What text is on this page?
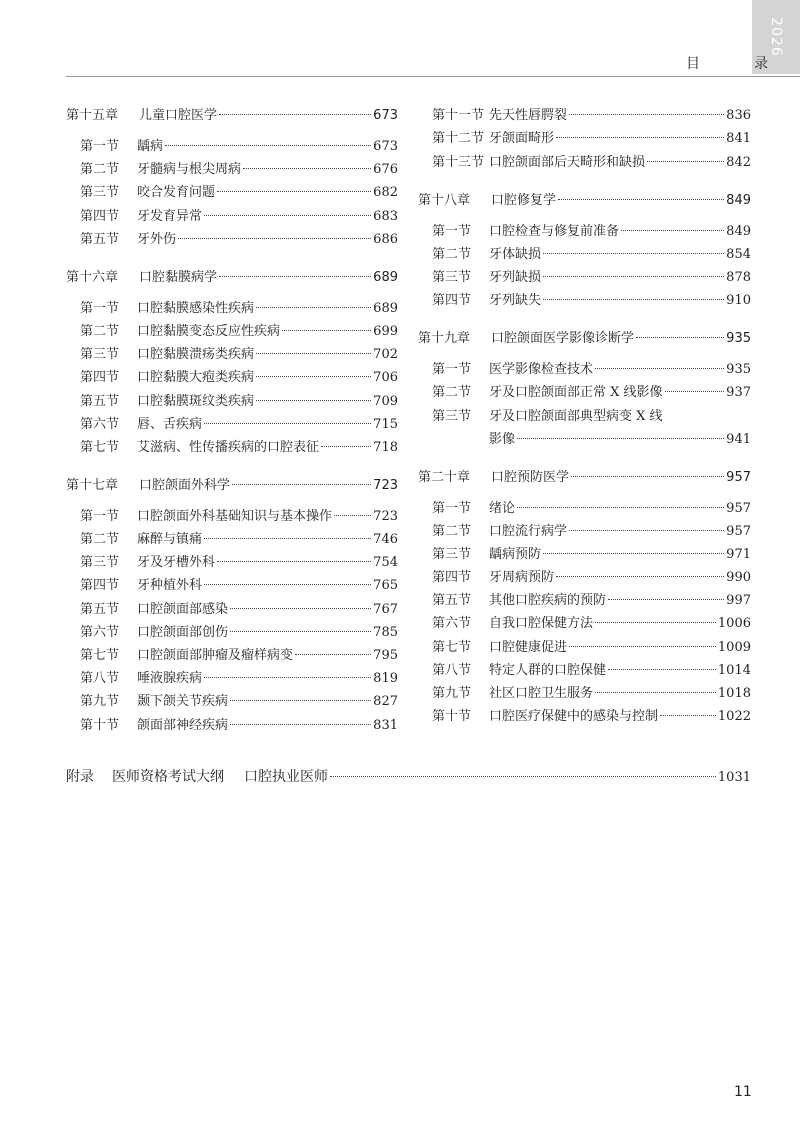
2026
目　录
第十五章	儿童口腔医学	673
第一节	龋病	673
第二节	牙髓病与根尖周病	676
第三节	咬合发育问题	682
第四节	牙发育异常	683
第五节	牙外伤	686
第十六章	口腔黏膜病学	689
第一节	口腔黏膜感染性疾病	689
第二节	口腔黏膜变态反应性疾病	699
第三节	口腔黏膜溃疡类疾病	702
第四节	口腔黏膜大疱类疾病	706
第五节	口腔黏膜斑纹类疾病	709
第六节	唇、舌疾病	715
第七节	艾滋病、性传播疾病的口腔表征	718
第十七章	口腔颌面外科学	723
第一节	口腔颌面外科基础知识与基本操作	723
第二节	麻醉与镇痛	746
第三节	牙及牙槽外科	754
第四节	牙种植外科	765
第五节	口腔颌面部感染	767
第六节	口腔颌面部创伤	785
第七节	口腔颌面部肿瘤及瘤样病变	795
第八节	唾液腺疾病	819
第九节	颞下颌关节疾病	827
第十节	颌面部神经疾病	831
第十一节 先天性唇腭裂	836
第十二节 牙颌面畸形	841
第十三节 口腔颌面部后天畸形和缺损	842
第十八章	口腔修复学	849
第一节	口腔检查与修复前准备	849
第二节	牙体缺损	854
第三节	牙列缺损	878
第四节	牙列缺失	910
第十九章	口腔颌面医学影像诊断学	935
第一节	医学影像检查技术	935
第二节	牙及口腔颌面部正常 X 线影像	937
第三节	牙及口腔颌面部典型病变 X 线
影像	941
第二十章	口腔预防医学	957
第一节	绪论	957
第二节	口腔流行病学	957
第三节	龋病预防	971
第四节	牙周病预防	990
第五节	其他口腔疾病的预防	997
第六节	自我口腔保健方法	1006
第七节	口腔健康促进	1009
第八节	特定人群的口腔保健	1014
第九节	社区口腔卫生服务	1018
第十节	口腔医疗保健中的感染与控制	1022
附录 医师资格考试大纲 口腔执业医师	1031
11
